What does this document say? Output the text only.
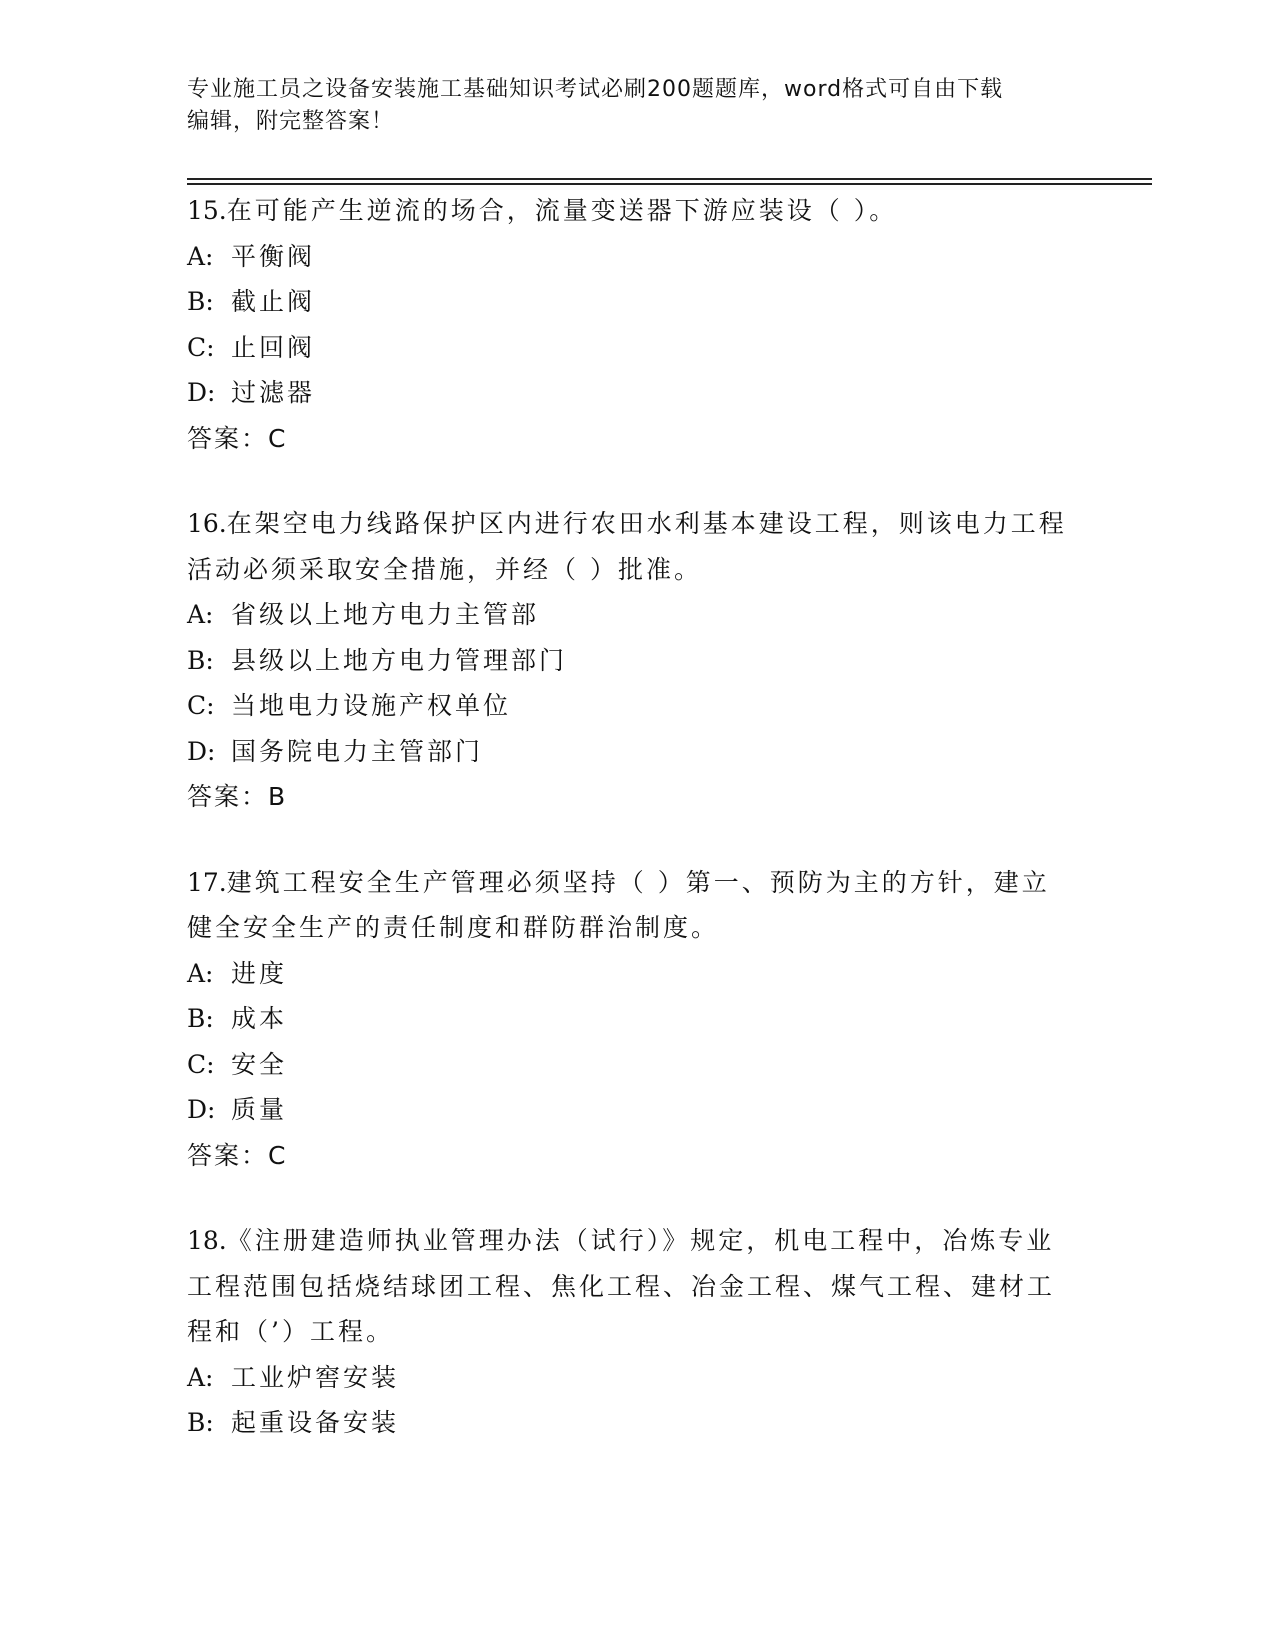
专业施工员之设备安装施工基础知识考试必刷200题题库，word格式可自由下载
编辑，附完整答案！
15.在可能产生逆流的场合，流量变送器下游应装设（ ）。
A: 平衡阀
B: 截止阀
C: 止回阀
D: 过滤器
答案：C
16.在架空电力线路保护区内进行农田水利基本建设工程，则该电力工程活动必须采取安全措施，并经（ ）批准。
A: 省级以上地方电力主管部
B: 县级以上地方电力管理部门
C: 当地电力设施产权单位
D: 国务院电力主管部门
答案：B
17.建筑工程安全生产管理必须坚持（ ）第一、预防为主的方针，建立健全安全生产的责任制度和群防群治制度。
A: 进度
B: 成本
C: 安全
D: 质量
答案：C
18.《注册建造师执业管理办法（试行）》规定，机电工程中，冶炼专业工程范围包括烧结球团工程、焦化工程、冶金工程、煤气工程、建材工程和（’）工程。
A: 工业炉窖安装
B: 起重设备安装
